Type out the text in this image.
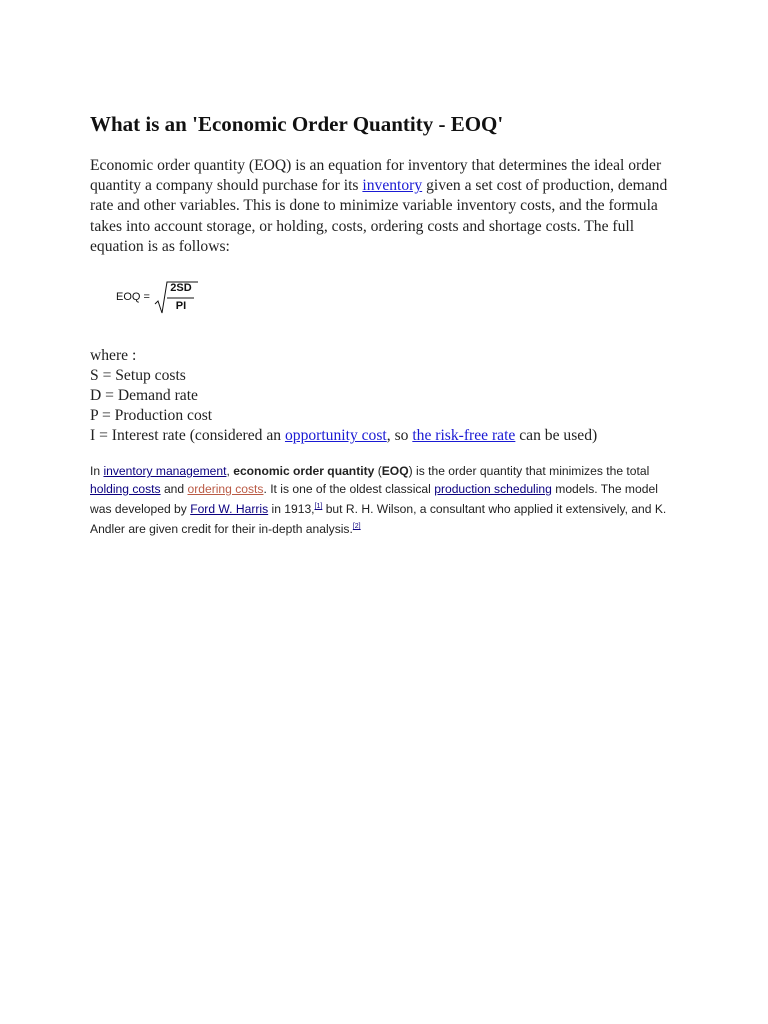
What is an 'Economic Order Quantity - EOQ'

Economic order quantity (EOQ) is an equation for inventory that determines the ideal order quantity a company should purchase for its inventory given a set cost of production, demand rate and other variables. This is done to minimize variable inventory costs, and the formula takes into account storage, or holding, costs, ordering costs and shortage costs. The full equation is as follows:

EOQ =
2SD
PI
where :
S = Setup costs
D = Demand rate
P = Production cost
I = Interest rate (considered an opportunity cost, so the risk-free rate can be used)

In inventory management, economic order quantity (EOQ) is the order quantity that minimizes the total holding costs and ordering costs. It is one of the oldest classical production scheduling models. The model was developed by Ford W. Harris in 1913,[1] but R. H. Wilson, a consultant who applied it extensively, and K. Andler are given credit for their in-depth analysis.[2]
